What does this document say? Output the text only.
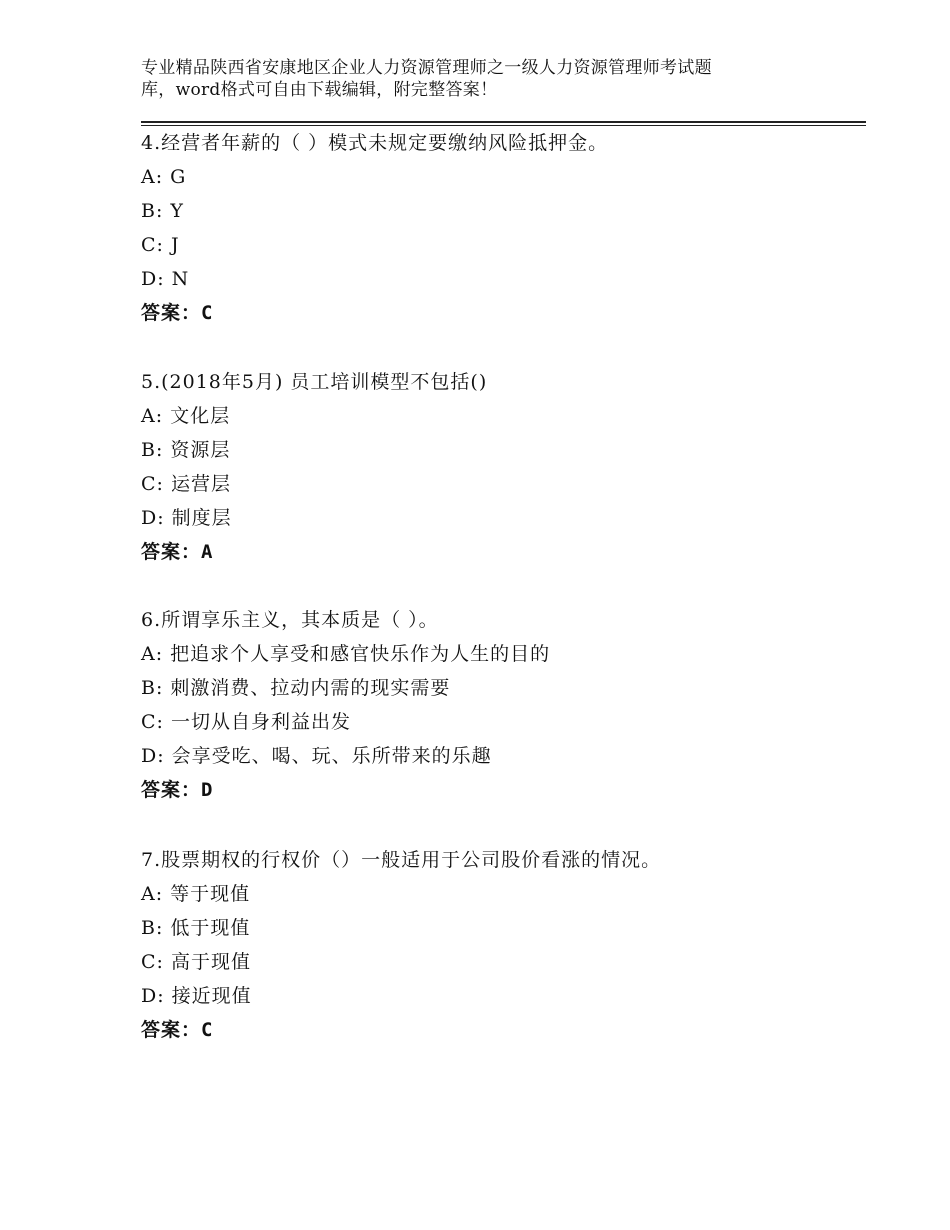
专业精品陕西省安康地区企业人力资源管理师之一级人力资源管理师考试题
库，word格式可自由下载编辑，附完整答案！
4.经营者年薪的（ ）模式未规定要缴纳风险抵押金。
A: G
B: Y
C: J
D: N
答案：C
5.(2018年5月) 员工培训模型不包括()
A: 文化层
B: 资源层
C: 运营层
D: 制度层
答案：A
6.所谓享乐主义，其本质是（ ）。
A: 把追求个人享受和感官快乐作为人生的目的
B: 刺激消费、拉动内需的现实需要
C: 一切从自身利益出发
D: 会享受吃、喝、玩、乐所带来的乐趣
答案：D
7.股票期权的行权价（）一般适用于公司股价看涨的情况。
A: 等于现值
B: 低于现值
C: 高于现值
D: 接近现值
答案：C
